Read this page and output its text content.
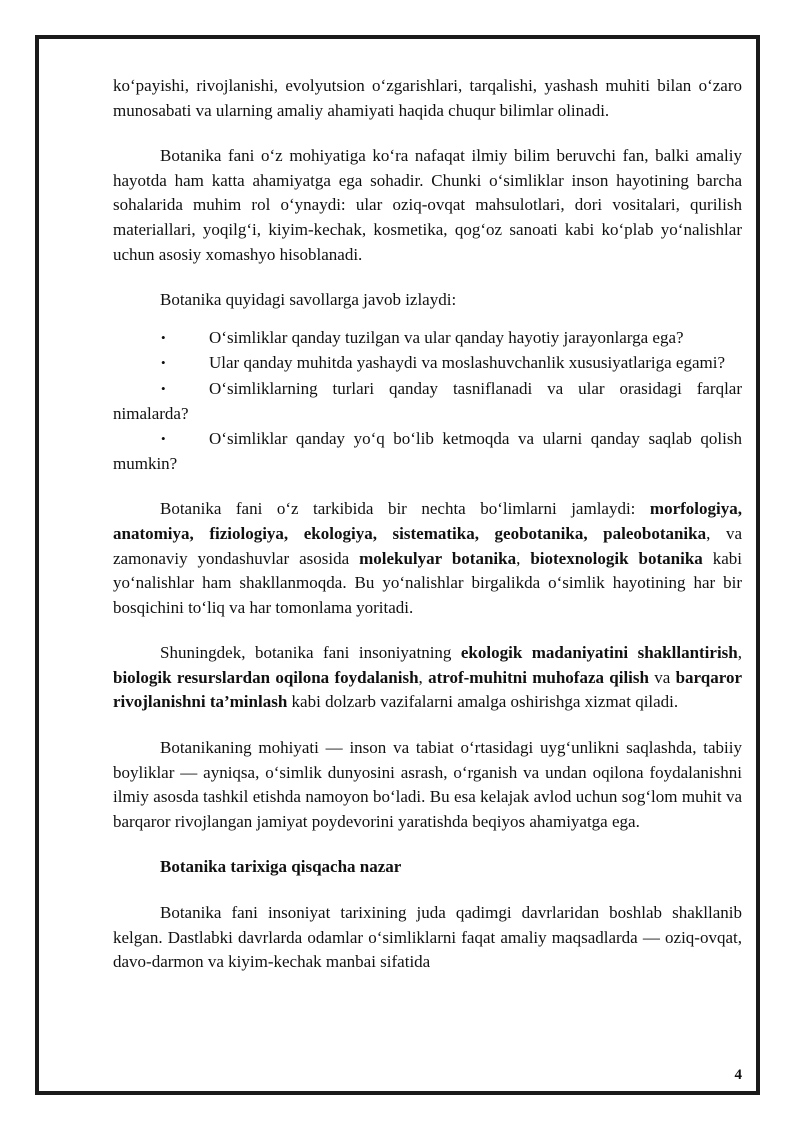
ko‘payishi, rivojlanishi, evolyutsion o‘zgarishlari, tarqalishi, yashash muhiti bilan o‘zaro munosabati va ularning amaliy ahamiyati haqida chuqur bilimlar olinadi.

Botanika fani o‘z mohiyatiga ko‘ra nafaqat ilmiy bilim beruvchi fan, balki amaliy hayotda ham katta ahamiyatga ega sohadir. Chunki o‘simliklar inson hayotining barcha sohalarida muhim rol o‘ynaydi: ular oziq-ovqat mahsulotlari, dori vositalari, qurilish materiallari, yoqilg‘i, kiyim-kechak, kosmetika, qog‘oz sanoati kabi ko‘plab yo‘nalishlar uchun asosiy xomashyo hisoblanadi.

Botanika quyidagi savollarga javob izlaydi:

•	O‘simliklar qanday tuzilgan va ular qanday hayotiy jarayonlarga ega?
•	Ular qanday muhitda yashaydi va moslashuvchanlik xususiyatlariga egami?
•	O‘simliklarning turlari qanday tasniflanadi va ular orasidagi farqlar nimalarda?
•	O‘simliklar qanday yo‘q bo‘lib ketmoqda va ularni qanday saqlab qolish mumkin?

Botanika fani o‘z tarkibida bir nechta bo‘limlarni jamlaydi: morfologiya, anatomiya, fiziologiya, ekologiya, sistematika, geobotanika, paleobotanika, va zamonaviy yondashuvlar asosida molekulyar botanika, biotexnologik botanika kabi yo‘nalishlar ham shakllanmoqda. Bu yo‘nalishlar birgalikda o‘simlik hayotining har bir bosqichini to‘liq va har tomonlama yoritadi.

Shuningdek, botanika fani insoniyatning ekologik madaniyatini shakllantirish, biologik resurslardan oqilona foydalanish, atrof-muhitni muhofaza qilish va barqaror rivojlanishni ta’minlash kabi dolzarb vazifalarni amalga oshirishga xizmat qiladi.

Botanikaning mohiyati — inson va tabiat o‘rtasidagi uyg‘unlikni saqlashda, tabiiy boyliklar — ayniqsa, o‘simlik dunyosini asrash, o‘rganish va undan oqilona foydalanishni ilmiy asosda tashkil etishda namoyon bo‘ladi. Bu esa kelajak avlod uchun sog‘lom muhit va barqaror rivojlangan jamiyat poydevorini yaratishda beqiyos ahamiyatga ega.

Botanika tarixiga qisqacha nazar

Botanika fani insoniyat tarixining juda qadimgi davrlaridan boshlab shakllanib kelgan. Dastlabki davrlarda odamlar o‘simliklarni faqat amaliy maqsadlarda — oziq-ovqat, davo-darmon va kiyim-kechak manbai sifatida

4
